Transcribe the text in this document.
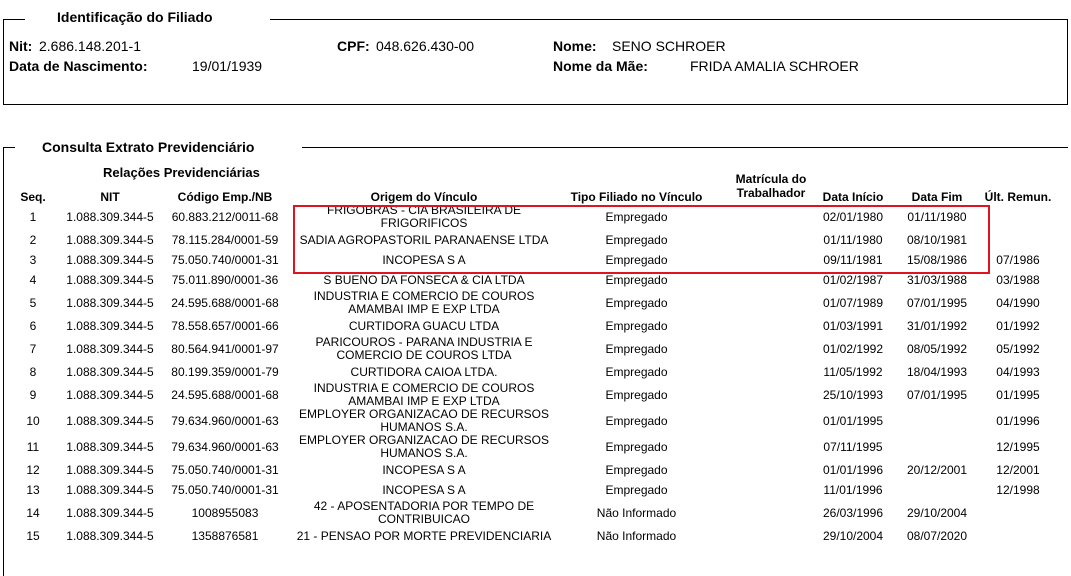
Identificação do Filiado
Nit: 2.686.148.201-1	CPF: 048.626.430-00	Nome: SENO SCHROER
Data de Nascimento:	19/01/1939	Nome da Mãe:	FRIDA AMALIA SCHROER
Consulta Extrato Previdenciário
Relações Previdenciárias	Matrícula do
Trabalhador
Seq.	NIT	Código Emp./NB	Origem do Vínculo	Tipo Filiado no Vínculo		Data Início	Data Fim	Últ. Remun.
1	1.088.309.344-5	60.883.212/0011-68	FRIGOBRAS - CIA BRASILEIRA DE
FRIGORIFICOS	Empregado		02/01/1980	01/11/1980	
2	1.088.309.344-5	78.115.284/0001-59	SADIA AGROPASTORIL PARANAENSE LTDA	Empregado		01/11/1980	08/10/1981	
3	1.088.309.344-5	75.050.740/0001-31	INCOPESA S A	Empregado		09/11/1981	15/08/1986	07/1986
4	1.088.309.344-5	75.011.890/0001-36	S BUENO DA FONSECA & CIA LTDA	Empregado		01/02/1987	31/03/1988	03/1988
5	1.088.309.344-5	24.595.688/0001-68	INDUSTRIA E COMERCIO DE COUROS
AMAMBAI IMP E EXP LTDA	Empregado		01/07/1989	07/01/1995	04/1990
6	1.088.309.344-5	78.558.657/0001-66	CURTIDORA GUACU LTDA	Empregado		01/03/1991	31/01/1992	01/1992
7	1.088.309.344-5	80.564.941/0001-97	PARICOUROS - PARANA INDUSTRIA E
COMERCIO DE COUROS LTDA	Empregado		01/02/1992	08/05/1992	05/1992
8	1.088.309.344-5	80.199.359/0001-79	CURTIDORA CAIOA LTDA.	Empregado		11/05/1992	18/04/1993	04/1993
9	1.088.309.344-5	24.595.688/0001-68	INDUSTRIA E COMERCIO DE COUROS
AMAMBAI IMP E EXP LTDA	Empregado		25/10/1993	07/01/1995	01/1995
10	1.088.309.344-5	79.634.960/0001-63	EMPLOYER ORGANIZACAO DE RECURSOS
HUMANOS S.A.	Empregado		01/01/1995		01/1996
11	1.088.309.344-5	79.634.960/0001-63	EMPLOYER ORGANIZACAO DE RECURSOS
HUMANOS S.A.	Empregado		07/11/1995		12/1995
12	1.088.309.344-5	75.050.740/0001-31	INCOPESA S A	Empregado		01/01/1996	20/12/2001	12/2001
13	1.088.309.344-5	75.050.740/0001-31	INCOPESA S A	Empregado		11/01/1996		12/1998
14	1.088.309.344-5	1008955083	42 - APOSENTADORIA POR TEMPO DE
CONTRIBUICAO	Não Informado		26/03/1996	29/10/2004	
15	1.088.309.344-5	1358876581	21 - PENSAO POR MORTE PREVIDENCIARIA	Não Informado		29/10/2004	08/07/2020	
